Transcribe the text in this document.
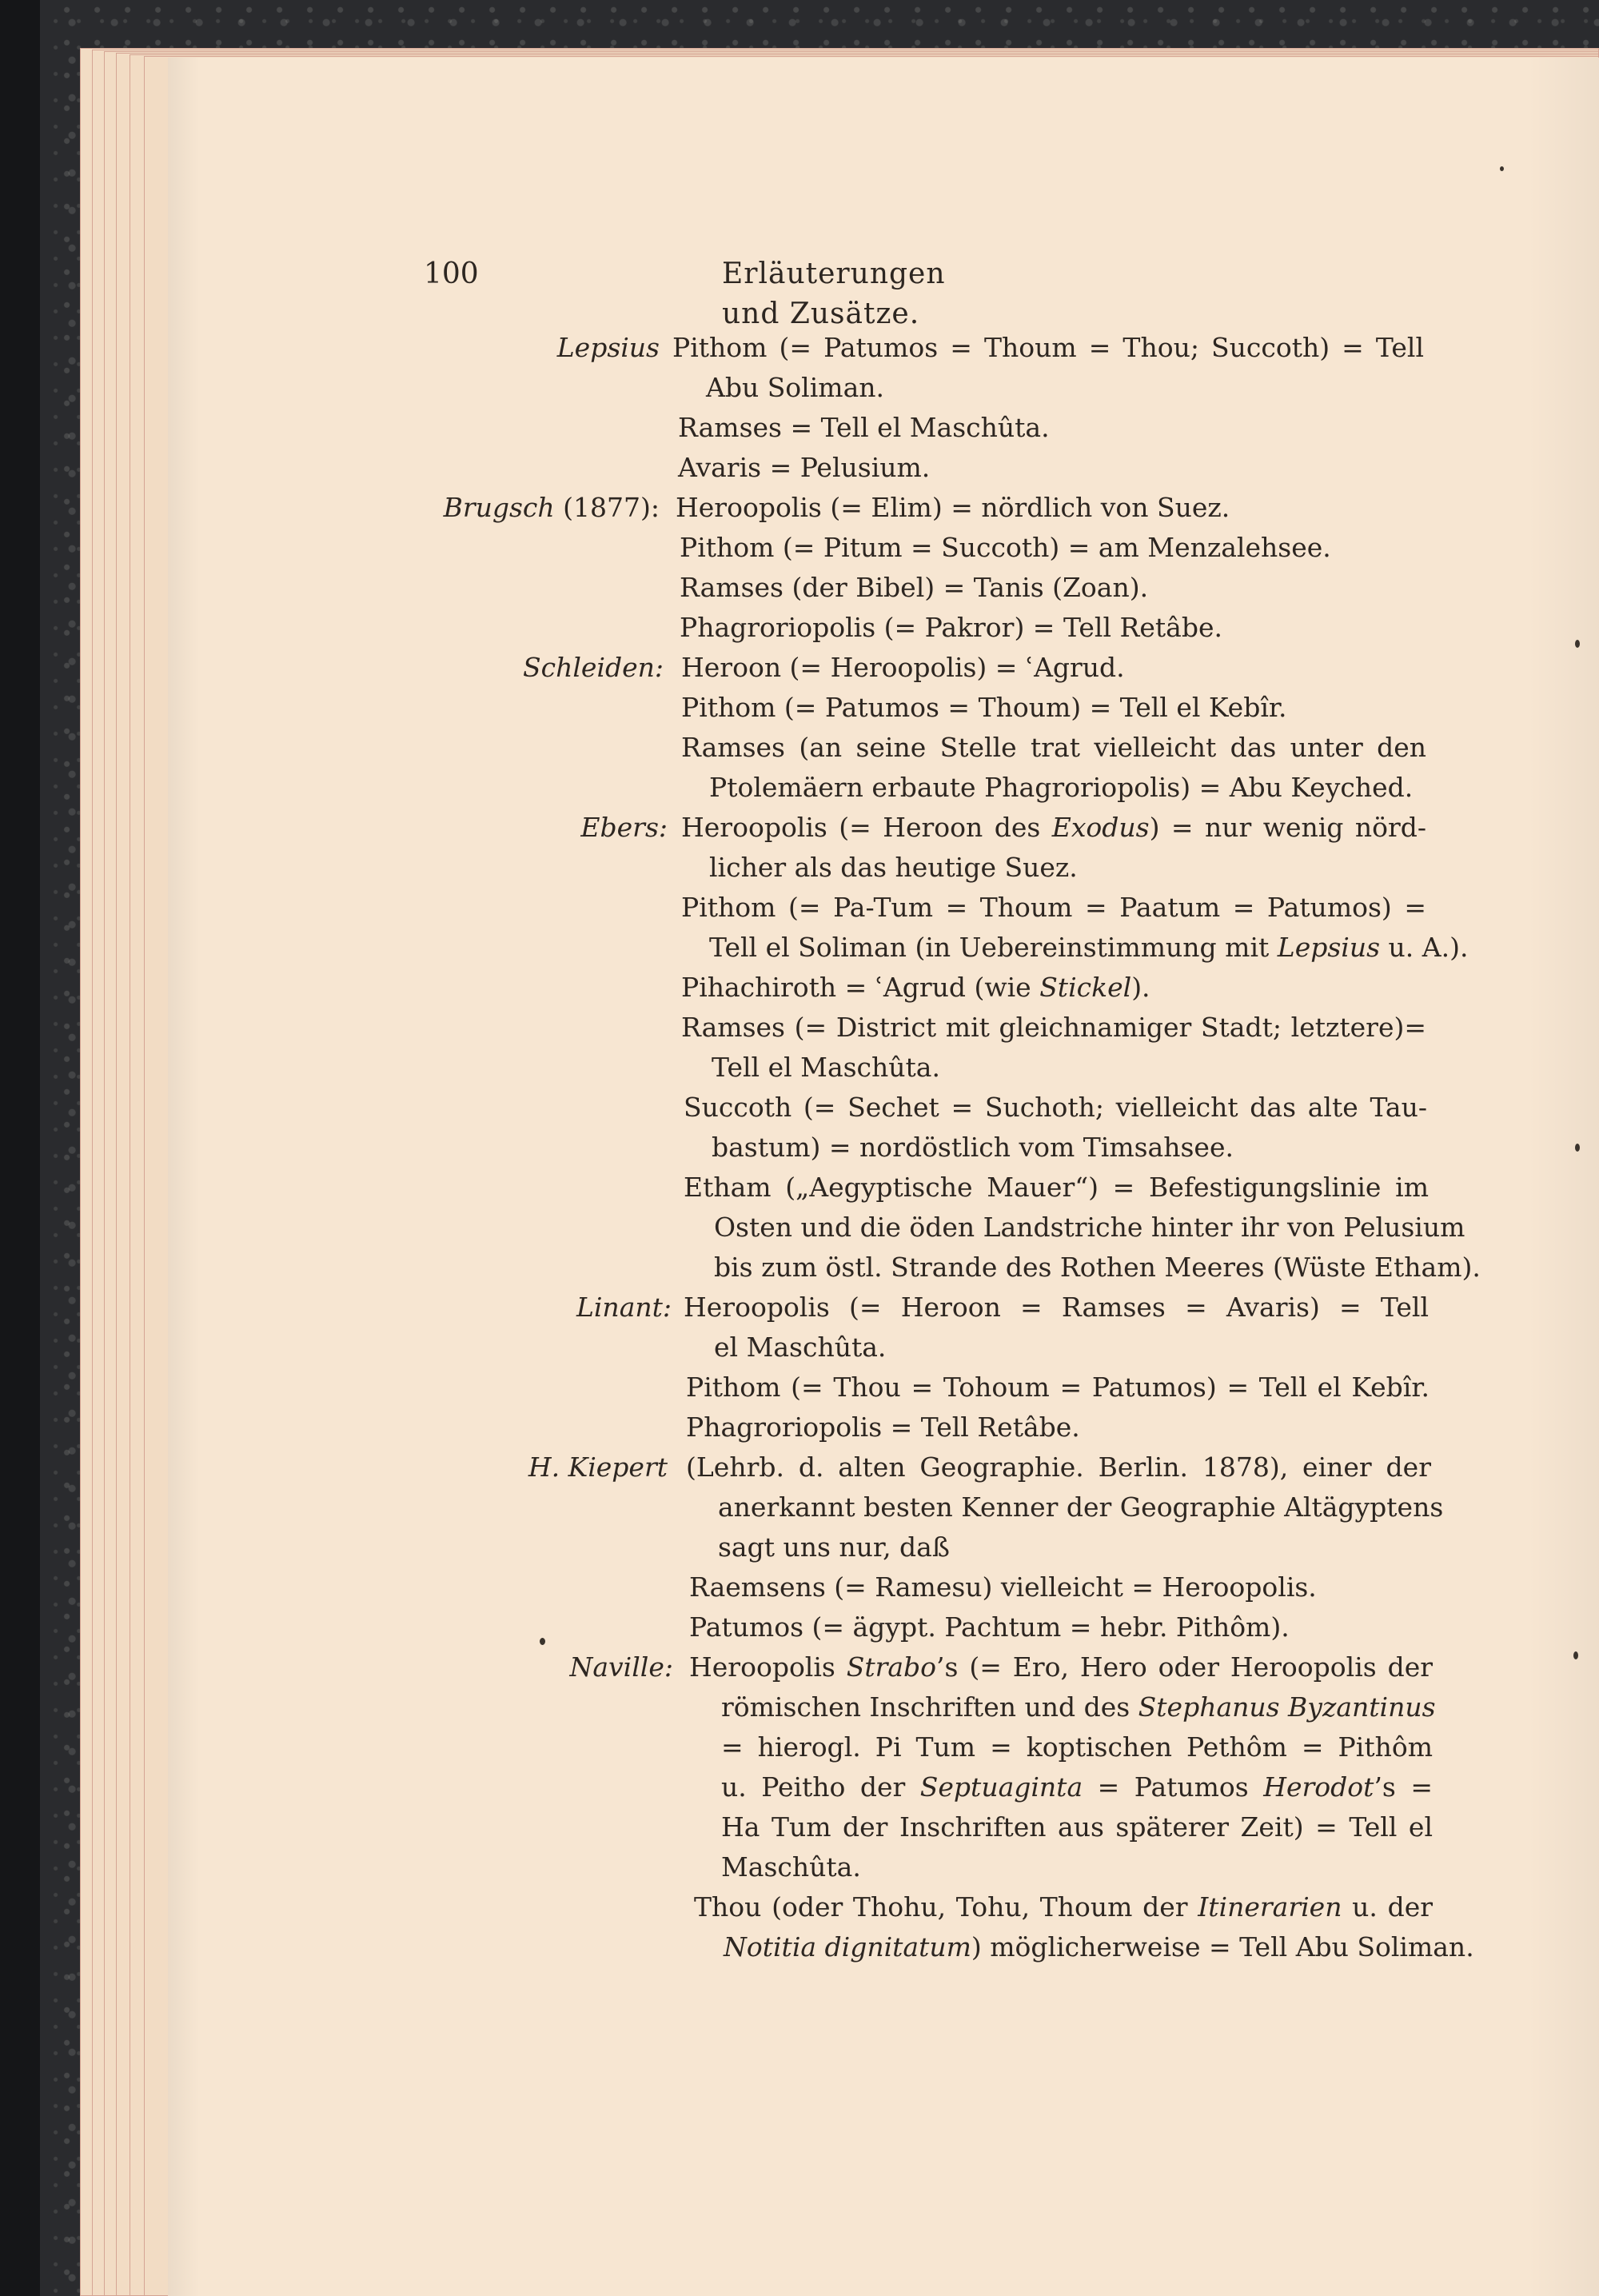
100	Erläuterungen und Zusätze.
Lepsius Pithom (= Patumos = Thoum = Thou; Succoth) = Tell
Abu Soliman.
Ramses = Tell el Maschûta.
Avaris = Pelusium.
Brugsch (1877): Heroopolis (= Elim) = nördlich von Suez.
Pithom (= Pitum = Succoth) = am Menzalehsee.
Ramses (der Bibel) = Tanis (Zoan).
Phagroriopolis (= Pakror) = Tell Retâbe.
Schleiden: Heroon (= Heroopolis) = ʿAgrud.
Pithom (= Patumos = Thoum) = Tell el Kebîr.
Ramses (an seine Stelle trat vielleicht das unter den
Ptolemäern erbaute Phagroriopolis) = Abu Keyched.
Ebers: Heroopolis (= Heroon des Exodus) = nur wenig nörd-
licher als das heutige Suez.
Pithom (= Pa-Tum = Thoum = Paatum = Patumos) =
Tell el Soliman (in Uebereinstimmung mit Lepsius u. A.).
Pihachiroth = ʿAgrud (wie Stickel).
Ramses (= District mit gleichnamiger Stadt; letztere)=
Tell el Maschûta.
Succoth (= Sechet = Suchoth; vielleicht das alte Tau-
bastum) = nordöstlich vom Timsahsee.
Etham („Aegyptische Mauer“) = Befestigungslinie im
Osten und die öden Landstriche hinter ihr von Pelusium
bis zum östl. Strande des Rothen Meeres (Wüste Etham).
Linant: Heroopolis (= Heroon = Ramses = Avaris) = Tell
el Maschûta.
Pithom (= Thou = Tohoum = Patumos) = Tell el Kebîr.
Phagroriopolis = Tell Retâbe.
H. Kiepert (Lehrb. d. alten Geographie. Berlin. 1878), einer der
anerkannt besten Kenner der Geographie Altägyptens
sagt uns nur, daß
Raemsens (= Ramesu) vielleicht = Heroopolis.
Patumos (= ägypt. Pachtum = hebr. Pithôm).
Naville: Heroopolis Strabo’s (= Ero, Hero oder Heroopolis der
römischen Inschriften und des Stephanus Byzantinus
= hierogl. Pi Tum = koptischen Pethôm = Pithôm
u. Peitho der Septuaginta = Patumos Herodot’s =
Ha Tum der Inschriften aus späterer Zeit) = Tell el
Maschûta.
Thou (oder Thohu, Tohu, Thoum der Itinerarien u. der
Notitia dignitatum) möglicherweise = Tell Abu Soliman.
